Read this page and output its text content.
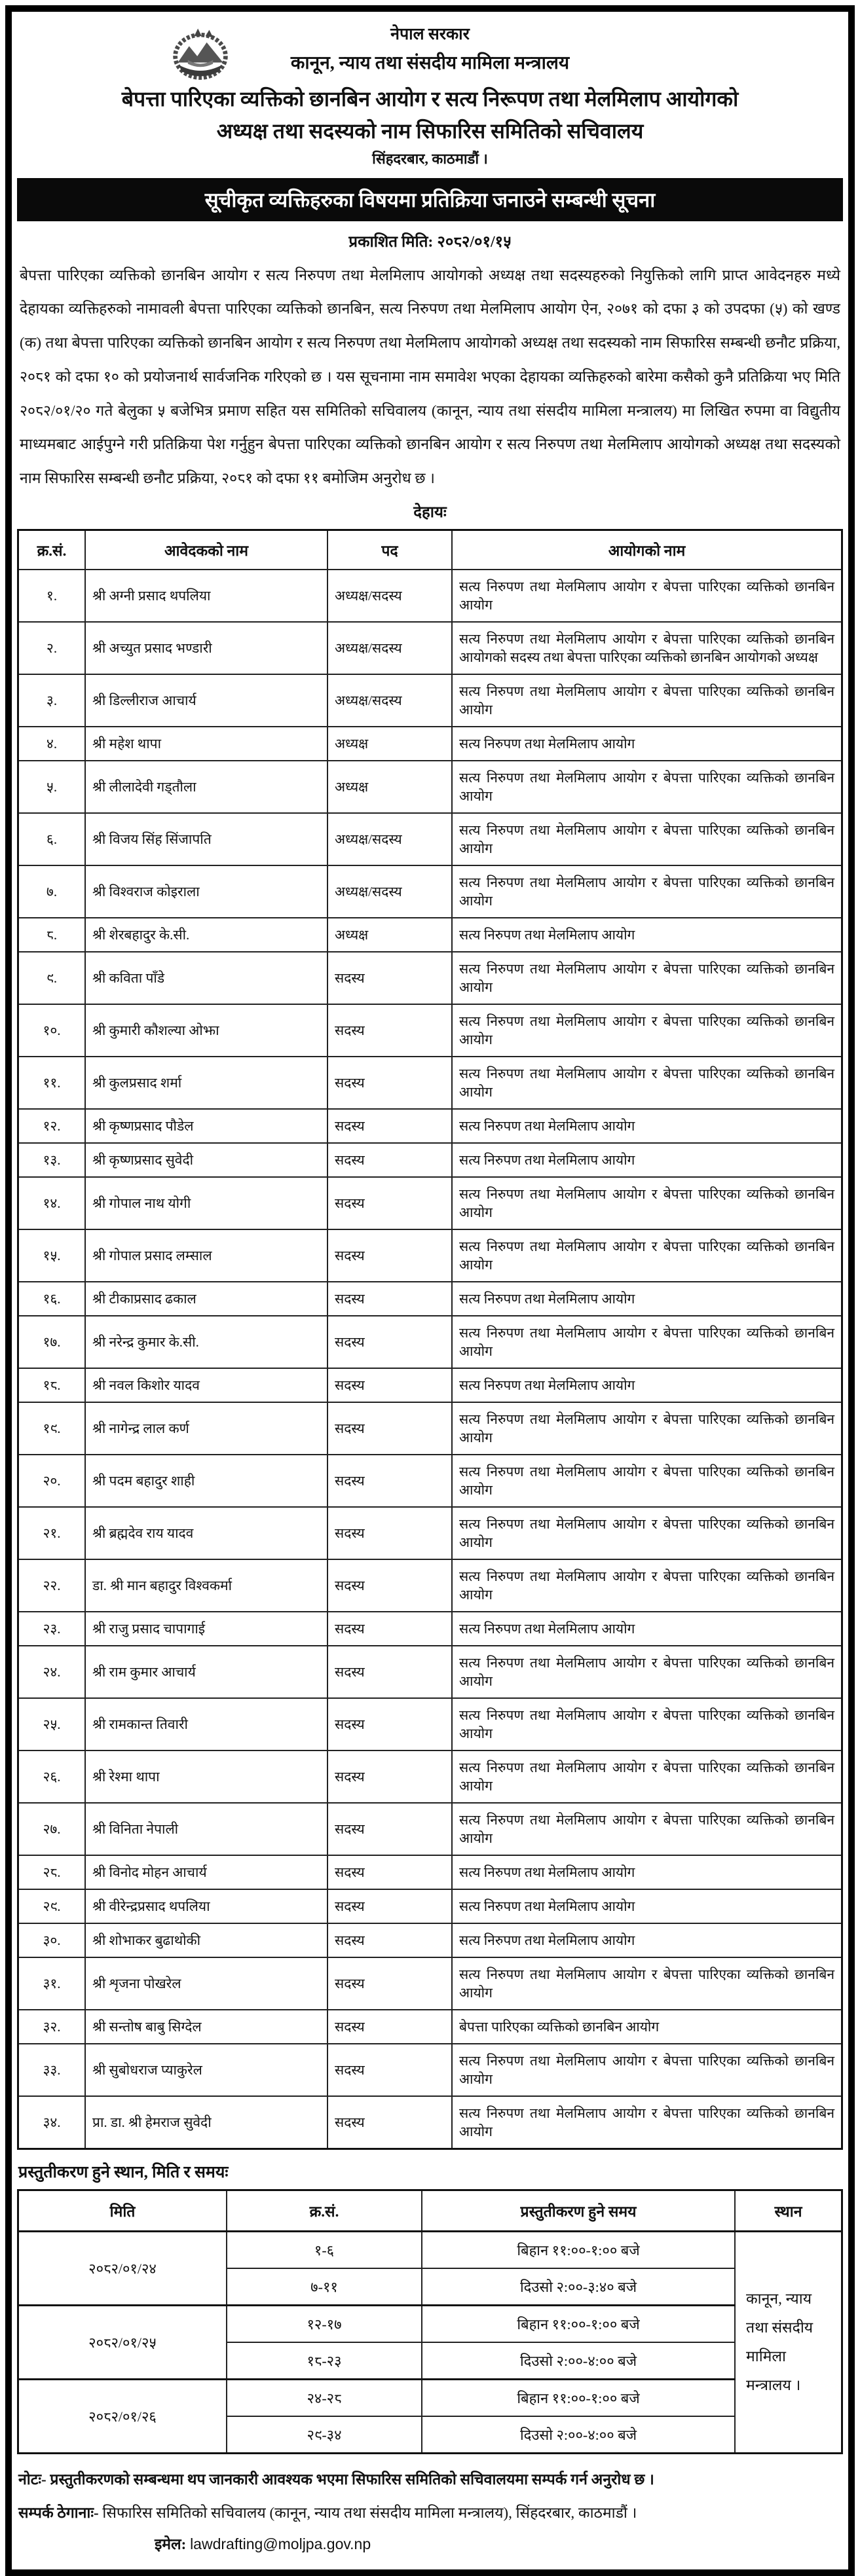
नेपाल सरकार
कानून, न्याय तथा संसदीय मामिला मन्त्रालय
बेपत्ता पारिएका व्यक्तिको छानबिन आयोग र सत्य निरूपण तथा मेलमिलाप आयोगको
अध्यक्ष तथा सदस्यको नाम सिफारिस समितिको सचिवालय
सिंहदरबार, काठमाडौं ।
सूचीकृत व्यक्तिहरुका विषयमा प्रतिक्रिया जनाउने सम्बन्धी सूचना
प्रकाशित मिति: २०८२/०१/१५

बेपत्ता पारिएका व्यक्तिको छानबिन आयोग र सत्य निरुपण तथा मेलमिलाप आयोगको अध्यक्ष तथा सदस्यहरुको नियुक्तिको लागि प्राप्त आवेदनहरु मध्ये देहायका व्यक्तिहरुको नामावली बेपत्ता पारिएका व्यक्तिको छानबिन, सत्य निरुपण तथा मेलमिलाप आयोग ऐन, २०७१ को दफा ३ को उपदफा (५) को खण्ड (क) तथा बेपत्ता पारिएका व्यक्तिको छानबिन आयोग र सत्य निरुपण तथा मेलमिलाप आयोगको अध्यक्ष तथा सदस्यको नाम सिफारिस सम्बन्धी छनौट प्रक्रिया, २०८१ को दफा १० को प्रयोजनार्थ सार्वजनिक गरिएको छ । यस सूचनामा नाम समावेश भएका देहायका व्यक्तिहरुको बारेमा कसैको कुनै प्रतिक्रिया भए मिति २०८२/०१/२० गते बेलुका ५ बजेभित्र प्रमाण सहित यस समितिको सचिवालय (कानून, न्याय तथा संसदीय मामिला मन्त्रालय) मा लिखित रुपमा वा विद्युतीय माध्यमबाट आईपुग्ने गरी प्रतिक्रिया पेश गर्नुहुन बेपत्ता पारिएका व्यक्तिको छानबिन आयोग र सत्य निरुपण तथा मेलमिलाप आयोगको अध्यक्ष तथा सदस्यको नाम सिफारिस सम्बन्धी छनौट प्रक्रिया, २०८१ को दफा ११ बमोजिम अनुरोध छ ।

देहायः
क्र.सं.	आवेदकको नाम	पद	आयोगको नाम
१.	श्री अग्नी प्रसाद थपलिया	अध्यक्ष/सदस्य	सत्य निरुपण तथा मेलमिलाप आयोग र बेपत्ता पारिएका व्यक्तिको छानबिन आयोग
२.	श्री अच्युत प्रसाद भण्डारी	अध्यक्ष/सदस्य	सत्य निरुपण तथा मेलमिलाप आयोग र बेपत्ता पारिएका व्यक्तिको छानबिन आयोगको सदस्य तथा बेपत्ता पारिएका व्यक्तिको छानबिन आयोगको अध्यक्ष
३.	श्री डिल्लीराज आचार्य	अध्यक्ष/सदस्य	सत्य निरुपण तथा मेलमिलाप आयोग र बेपत्ता पारिएका व्यक्तिको छानबिन आयोग
४.	श्री महेश थापा	अध्यक्ष	सत्य निरुपण तथा मेलमिलाप आयोग
५.	श्री लीलादेवी गड्तौला	अध्यक्ष	सत्य निरुपण तथा मेलमिलाप आयोग र बेपत्ता पारिएका व्यक्तिको छानबिन आयोग
६.	श्री विजय सिंह सिंजापति	अध्यक्ष/सदस्य	सत्य निरुपण तथा मेलमिलाप आयोग र बेपत्ता पारिएका व्यक्तिको छानबिन आयोग
७.	श्री विश्वराज कोइराला	अध्यक्ष/सदस्य	सत्य निरुपण तथा मेलमिलाप आयोग र बेपत्ता पारिएका व्यक्तिको छानबिन आयोग
८.	श्री शेरबहादुर के.सी.	अध्यक्ष	सत्य निरुपण तथा मेलमिलाप आयोग
९.	श्री कविता पाँडे	सदस्य	सत्य निरुपण तथा मेलमिलाप आयोग र बेपत्ता पारिएका व्यक्तिको छानबिन आयोग
१०.	श्री कुमारी कौशल्या ओझा	सदस्य	सत्य निरुपण तथा मेलमिलाप आयोग र बेपत्ता पारिएका व्यक्तिको छानबिन आयोग
११.	श्री कुलप्रसाद शर्मा	सदस्य	सत्य निरुपण तथा मेलमिलाप आयोग र बेपत्ता पारिएका व्यक्तिको छानबिन आयोग
१२.	श्री कृष्णप्रसाद पौडेल	सदस्य	सत्य निरुपण तथा मेलमिलाप आयोग
१३.	श्री कृष्णप्रसाद सुवेदी	सदस्य	सत्य निरुपण तथा मेलमिलाप आयोग
१४.	श्री गोपाल नाथ योगी	सदस्य	सत्य निरुपण तथा मेलमिलाप आयोग र बेपत्ता पारिएका व्यक्तिको छानबिन आयोग
१५.	श्री गोपाल प्रसाद लम्साल	सदस्य	सत्य निरुपण तथा मेलमिलाप आयोग र बेपत्ता पारिएका व्यक्तिको छानबिन आयोग
१६.	श्री टीकाप्रसाद ढकाल	सदस्य	सत्य निरुपण तथा मेलमिलाप आयोग
१७.	श्री नरेन्द्र कुमार के.सी.	सदस्य	सत्य निरुपण तथा मेलमिलाप आयोग र बेपत्ता पारिएका व्यक्तिको छानबिन आयोग
१८.	श्री नवल किशोर यादव	सदस्य	सत्य निरुपण तथा मेलमिलाप आयोग
१९.	श्री नागेन्द्र लाल कर्ण	सदस्य	सत्य निरुपण तथा मेलमिलाप आयोग र बेपत्ता पारिएका व्यक्तिको छानबिन आयोग
२०.	श्री पदम बहादुर शाही	सदस्य	सत्य निरुपण तथा मेलमिलाप आयोग र बेपत्ता पारिएका व्यक्तिको छानबिन आयोग
२१.	श्री ब्रह्मदेव राय यादव	सदस्य	सत्य निरुपण तथा मेलमिलाप आयोग र बेपत्ता पारिएका व्यक्तिको छानबिन आयोग
२२.	डा. श्री मान बहादुर विश्वकर्मा	सदस्य	सत्य निरुपण तथा मेलमिलाप आयोग र बेपत्ता पारिएका व्यक्तिको छानबिन आयोग
२३.	श्री राजु प्रसाद चापागाई	सदस्य	सत्य निरुपण तथा मेलमिलाप आयोग
२४.	श्री राम कुमार आचार्य	सदस्य	सत्य निरुपण तथा मेलमिलाप आयोग र बेपत्ता पारिएका व्यक्तिको छानबिन आयोग
२५.	श्री रामकान्त तिवारी	सदस्य	सत्य निरुपण तथा मेलमिलाप आयोग र बेपत्ता पारिएका व्यक्तिको छानबिन आयोग
२६.	श्री रेश्मा थापा	सदस्य	सत्य निरुपण तथा मेलमिलाप आयोग र बेपत्ता पारिएका व्यक्तिको छानबिन आयोग
२७.	श्री विनिता नेपाली	सदस्य	सत्य निरुपण तथा मेलमिलाप आयोग र बेपत्ता पारिएका व्यक्तिको छानबिन आयोग
२८.	श्री विनोद मोहन आचार्य	सदस्य	सत्य निरुपण तथा मेलमिलाप आयोग
२९.	श्री वीरेन्द्रप्रसाद थपलिया	सदस्य	सत्य निरुपण तथा मेलमिलाप आयोग
३०.	श्री शोभाकर बुढाथोकी	सदस्य	सत्य निरुपण तथा मेलमिलाप आयोग
३१.	श्री शृजना पोखरेल	सदस्य	सत्य निरुपण तथा मेलमिलाप आयोग र बेपत्ता पारिएका व्यक्तिको छानबिन आयोग
३२.	श्री सन्तोष बाबु सिग्देल	सदस्य	बेपत्ता पारिएका व्यक्तिको छानबिन आयोग
३३.	श्री सुबोधराज प्याकुरेल	सदस्य	सत्य निरुपण तथा मेलमिलाप आयोग र बेपत्ता पारिएका व्यक्तिको छानबिन आयोग
३४.	प्रा. डा. श्री हेमराज सुवेदी	सदस्य	सत्य निरुपण तथा मेलमिलाप आयोग र बेपत्ता पारिएका व्यक्तिको छानबिन आयोग
प्रस्तुतीकरण हुने स्थान, मिति र समयः
मिति	क्र.सं.	प्रस्तुतीकरण हुने समय	स्थान
२०८२/०१/२४	१-६	बिहान ११:००-१:०० बजे	कानून, न्याय तथा संसदीय मामिला मन्त्रालय ।
	७-११	दिउसो २:००-३:४० बजे	
२०८२/०१/२५	१२-१७	बिहान ११:००-१:०० बजे	
	१८-२३	दिउसो २:००-४:०० बजे	
२०८२/०१/२६	२४-२८	बिहान ११:००-१:०० बजे	
	२९-३४	दिउसो २:००-४:०० बजे	
नोटः- प्रस्तुतीकरणको सम्बन्धमा थप जानकारी आवश्यक भएमा सिफारिस समितिको सचिवालयमा सम्पर्क गर्न अनुरोध छ ।
सम्पर्क ठेगानाः- सिफारिस समितिको सचिवालय (कानून, न्याय तथा संसदीय मामिला मन्त्रालय), सिंहदरबार, काठमाडौं ।
इमेल: lawdrafting@moljpa.gov.np
